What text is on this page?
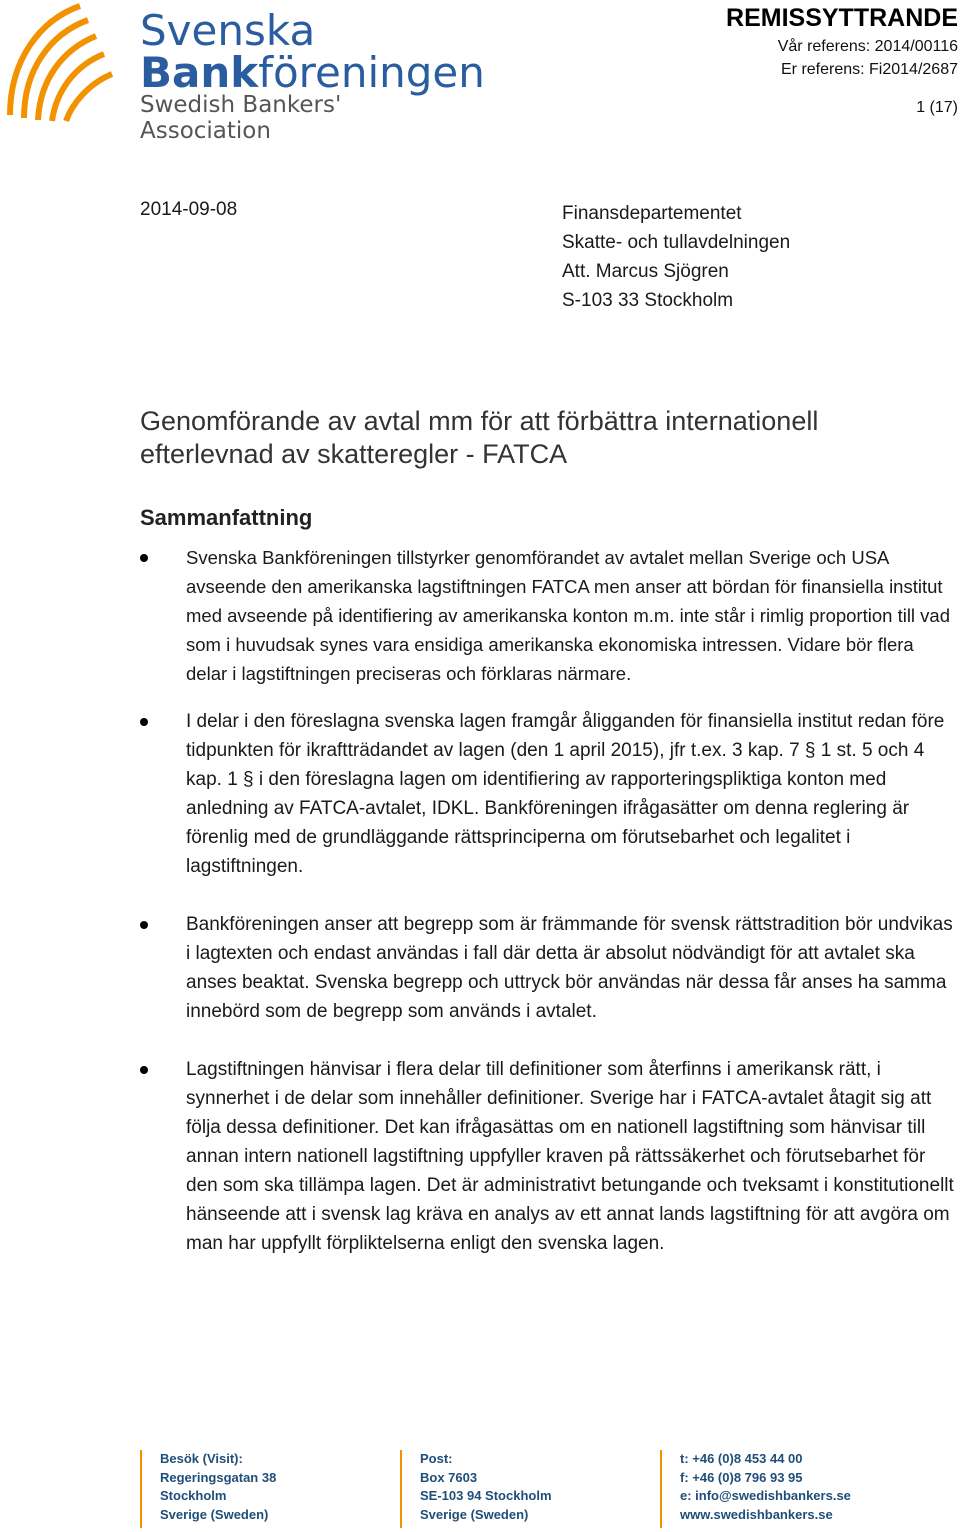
Svenska
Bankföreningen
Swedish Bankers' Association
REMISSYTTRANDE
Vår referens: 2014/00116
Er referens: Fi2014/2687
1 (17)
2014-09-08	Finansdepartementet
Skatte- och tullavdelningen
Att. Marcus Sjögren
S-103 33 Stockholm
Genomförande av avtal mm för att förbättra internationell efterlevnad av skatteregler - FATCA
Sammanfattning
Svenska Bankföreningen tillstyrker genomförandet av avtalet mellan Sverige och USA avseende den amerikanska lagstiftningen FATCA men anser att bördan för finansiella institut med avseende på identifiering av amerikanska konton m.m. inte står i rimlig proportion till vad som i huvudsak synes vara ensidiga amerikanska ekonomiska intressen. Vidare bör flera delar i lagstiftningen preciseras och förklaras närmare.
I delar i den föreslagna svenska lagen framgår åligganden för finansiella institut redan före tidpunkten för ikraftträdandet av lagen (den 1 april 2015), jfr t.ex. 3 kap. 7 § 1 st. 5 och 4 kap. 1 § i den föreslagna lagen om identifiering av rapporteringspliktiga konton med anledning av FATCA-avtalet, IDKL. Bankföreningen ifrågasätter om denna reglering är förenlig med de grundläggande rättsprinciperna om förutsebarhet och legalitet i lagstiftningen.
Bankföreningen anser att begrepp som är främmande för svensk rättstradition bör undvikas i lagtexten och endast användas i fall där detta är absolut nödvändigt för att avtalet ska anses beaktat. Svenska begrepp och uttryck bör användas när dessa får anses ha samma innebörd som de begrepp som används i avtalet.
Lagstiftningen hänvisar i flera delar till definitioner som återfinns i amerikansk rätt, i synnerhet i de delar som innehåller definitioner. Sverige har i FATCA-avtalet åtagit sig att följa dessa definitioner. Det kan ifrågasättas om en nationell lagstiftning som hänvisar till annan intern nationell lagstiftning uppfyller kraven på rättssäkerhet och förutsebarhet för den som ska tillämpa lagen. Det är administrativt betungande och tveksamt i konstitutionellt hänseende att i svensk lag kräva en analys av ett annat lands lagstiftning för att avgöra om man har uppfyllt förpliktelserna enligt den svenska lagen.
Besök (Visit):
Regeringsgatan 38
Stockholm
Sverige (Sweden)
Post:
Box 7603
SE-103 94 Stockholm
Sverige (Sweden)
t: +46 (0)8 453 44 00
f: +46 (0)8 796 93 95
e: info@swedishbankers.se
www.swedishbankers.se
